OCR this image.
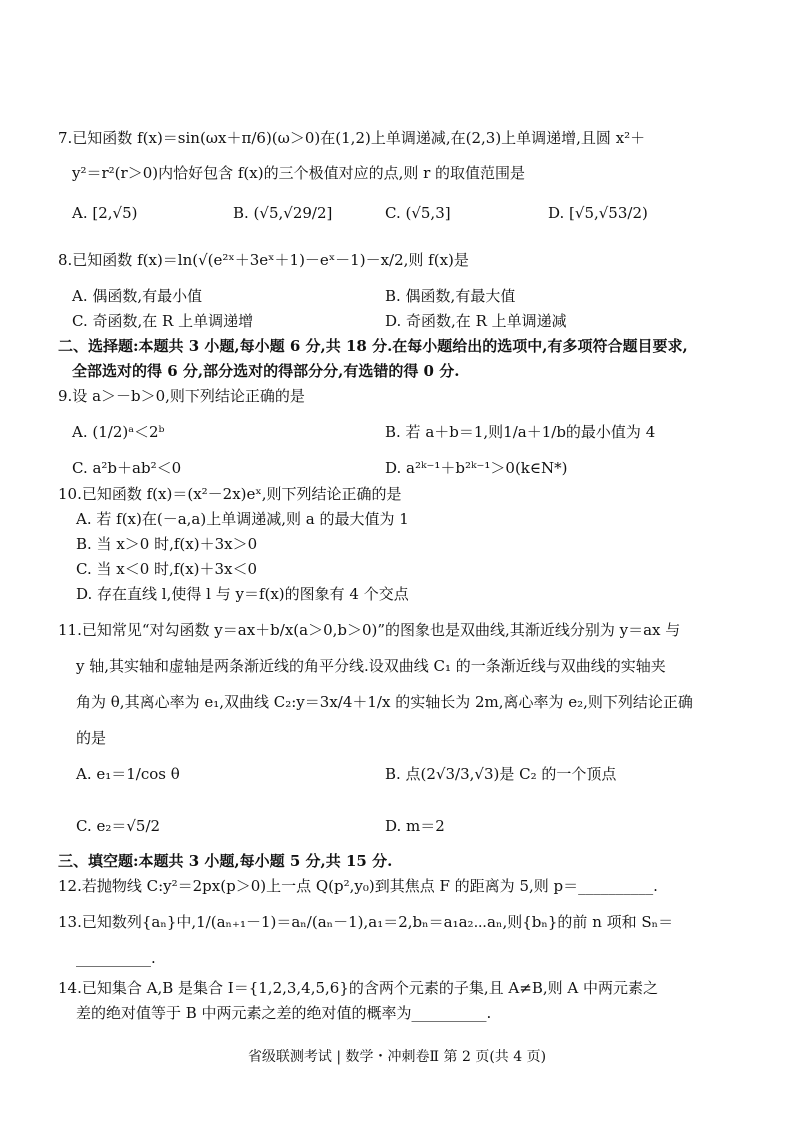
7.已知函数 f(x)＝sin(ωx＋π/6)(ω＞0)在(1,2)上单调递减,在(2,3)上单调递增,且圆 x²＋
y²＝r²(r＞0)内恰好包含 f(x)的三个极值对应的点,则 r 的取值范围是
A. [2,√5)	B. (√5,√29/2]	C. (√5,3]	D. [√5,√53/2)
8.已知函数 f(x)＝ln(√(e²ˣ＋3eˣ＋1)－eˣ－1)－x/2,则 f(x)是
A. 偶函数,有最小值	B. 偶函数,有最大值
C. 奇函数,在 R 上单调递增	D. 奇函数,在 R 上单调递减
二、选择题:本题共 3 小题,每小题 6 分,共 18 分.在每小题给出的选项中,有多项符合题目要求,
全部选对的得 6 分,部分选对的得部分分,有选错的得 0 分.
9.设 a＞－b＞0,则下列结论正确的是
A. (1/2)ᵃ＜2ᵇ	B. 若 a＋b＝1,则1/a＋1/b的最小值为 4
C. a²b＋ab²＜0	D. a²ᵏ⁻¹＋b²ᵏ⁻¹＞0(k∈N*)
10.已知函数 f(x)＝(x²－2x)eˣ,则下列结论正确的是
A. 若 f(x)在(－a,a)上单调递减,则 a 的最大值为 1
B. 当 x＞0 时,f(x)＋3x＞0
C. 当 x＜0 时,f(x)＋3x＜0
D. 存在直线 l,使得 l 与 y＝f(x)的图象有 4 个交点
11.已知常见“对勾函数 y＝ax＋b/x(a＞0,b＞0)”的图象也是双曲线,其渐近线分别为 y＝ax 与
y 轴,其实轴和虚轴是两条渐近线的角平分线.设双曲线 C₁ 的一条渐近线与双曲线的实轴夹
角为 θ,其离心率为 e₁,双曲线 C₂:y＝3x/4＋1/x 的实轴长为 2m,离心率为 e₂,则下列结论正确
的是
A. e₁＝1/cos θ	B. 点(2√3/3,√3)是 C₂ 的一个顶点
C. e₂＝√5/2	D. m＝2
三、填空题:本题共 3 小题,每小题 5 分,共 15 分.
12.若抛物线 C:y²＝2px(p＞0)上一点 Q(p²,y₀)到其焦点 F 的距离为 5,则 p＝__________.
13.已知数列{aₙ}中,1/(aₙ₊₁－1)＝aₙ/(aₙ－1),a₁＝2,bₙ＝a₁a₂⋯aₙ,则{bₙ}的前 n 项和 Sₙ＝
__________.
14.已知集合 A,B 是集合 I＝{1,2,3,4,5,6}的含两个元素的子集,且 A≠B,则 A 中两元素之
差的绝对值等于 B 中两元素之差的绝对值的概率为__________.
省级联测考试 | 数学・冲刺卷Ⅱ 第 2 页(共 4 页)
